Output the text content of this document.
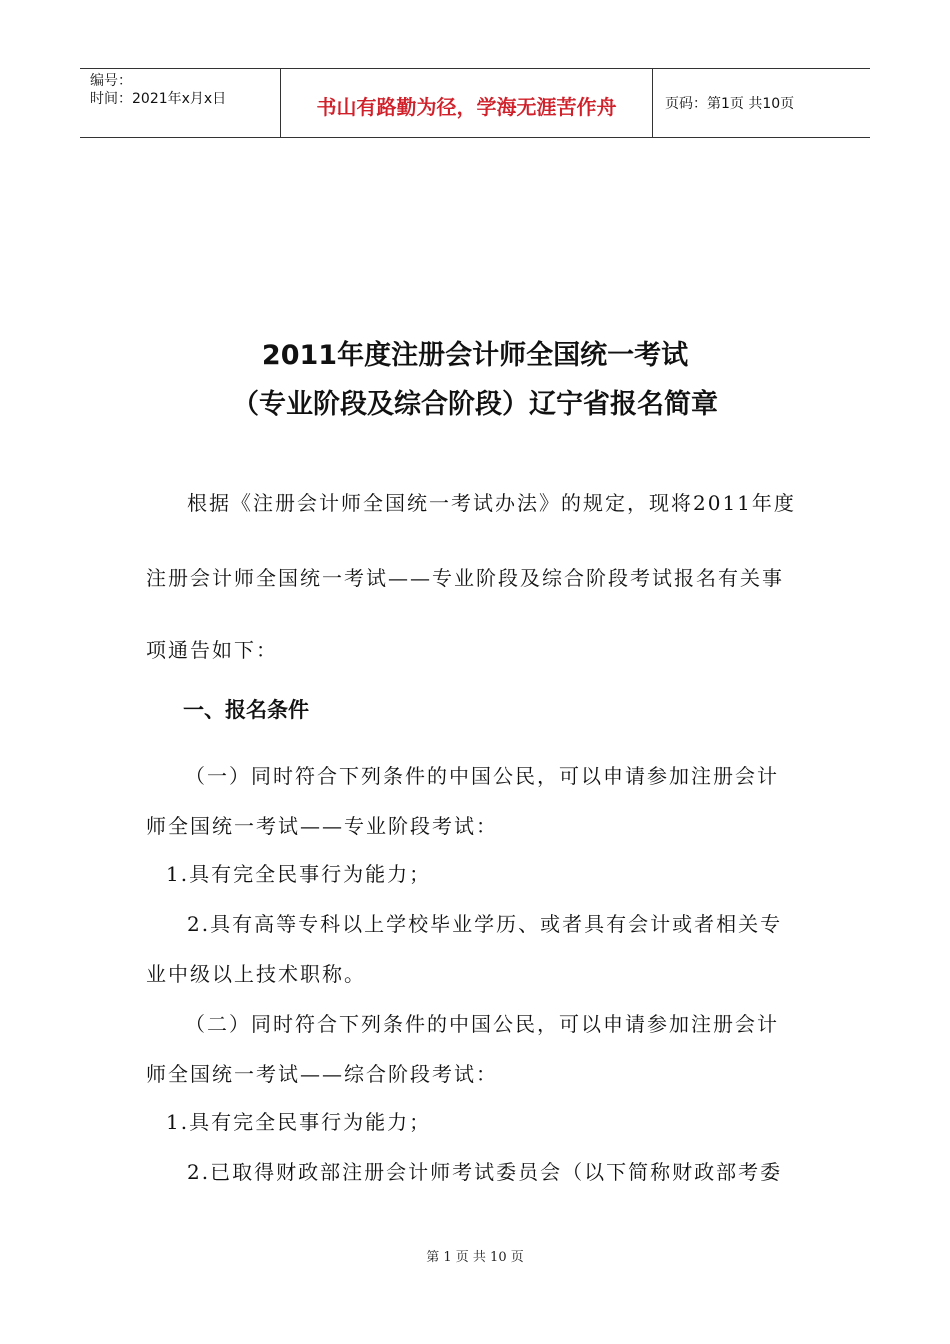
编号：
时间：2021年x月x日	书山有路勤为径，学海无涯苦作舟	页码：第1页 共10页
2011年度注册会计师全国统一考试
（专业阶段及综合阶段）辽宁省报名简章
根据《注册会计师全国统一考试办法》的规定，现将2011年度
注册会计师全国统一考试——专业阶段及综合阶段考试报名有关事
项通告如下：
一、报名条件
（一）同时符合下列条件的中国公民，可以申请参加注册会计
师全国统一考试——专业阶段考试：
1.具有完全民事行为能力；
2.具有高等专科以上学校毕业学历、或者具有会计或者相关专
业中级以上技术职称。
（二）同时符合下列条件的中国公民，可以申请参加注册会计
师全国统一考试——综合阶段考试：
1.具有完全民事行为能力；
2.已取得财政部注册会计师考试委员会（以下简称财政部考委
第 1 页 共 10 页
